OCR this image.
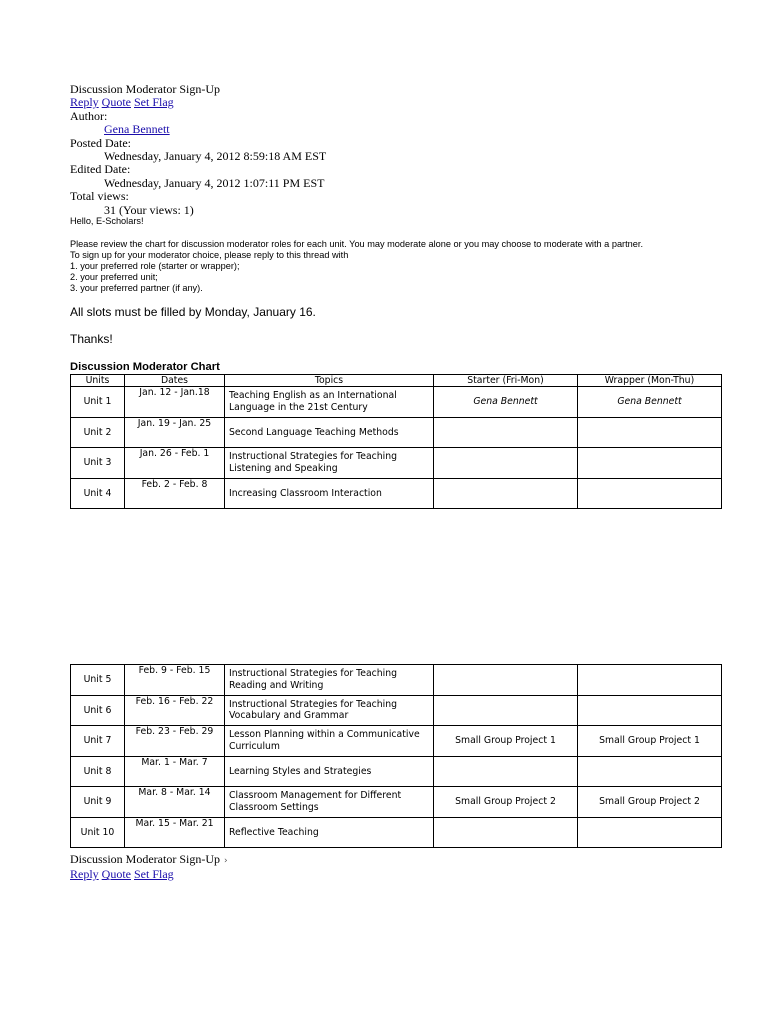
Discussion Moderator Sign-Up
Reply Quote Set Flag
Author:
Gena Bennett
Posted Date:
Wednesday, January 4, 2012 8:59:18 AM EST
Edited Date:
Wednesday, January 4, 2012 1:07:11 PM EST
Total views:
31 (Your views: 1)
Hello, E-Scholars!
Please review the chart for discussion moderator roles for each unit. You may moderate alone or you may choose to moderate with a partner.
To sign up for your moderator choice, please reply to this thread with
1. your preferred role (starter or wrapper);
2. your preferred unit;
3. your preferred partner (if any).
All slots must be filled by Monday, January 16.
Thanks!
Discussion Moderator Chart
Units	Dates	Topics	Starter (Fri-Mon)	Wrapper (Mon-Thu)
Unit 1	Jan. 12 - Jan.18	Teaching English as an International Language in the 21st Century	Gena Bennett	Gena Bennett
Unit 2	Jan. 19 - Jan. 25	Second Language Teaching Methods		
Unit 3	Jan. 26 - Feb. 1	Instructional Strategies for Teaching Listening and Speaking		
Unit 4	Feb. 2 - Feb. 8	Increasing Classroom Interaction		
Unit 5	Feb. 9 - Feb. 15	Instructional Strategies for Teaching Reading and Writing		
Unit 6	Feb. 16 - Feb. 22	Instructional Strategies for Teaching Vocabulary and Grammar		
Unit 7	Feb. 23 - Feb. 29	Lesson Planning within a Communicative Curriculum	Small Group Project 1	Small Group Project 1
Unit 8	Mar. 1 - Mar. 7	Learning Styles and Strategies		
Unit 9	Mar. 8 - Mar. 14	Classroom Management for Different Classroom Settings	Small Group Project 2	Small Group Project 2
Unit 10	Mar. 15 - Mar. 21	Reflective Teaching		
Discussion Moderator Sign-Up ›
Reply Quote Set Flag
